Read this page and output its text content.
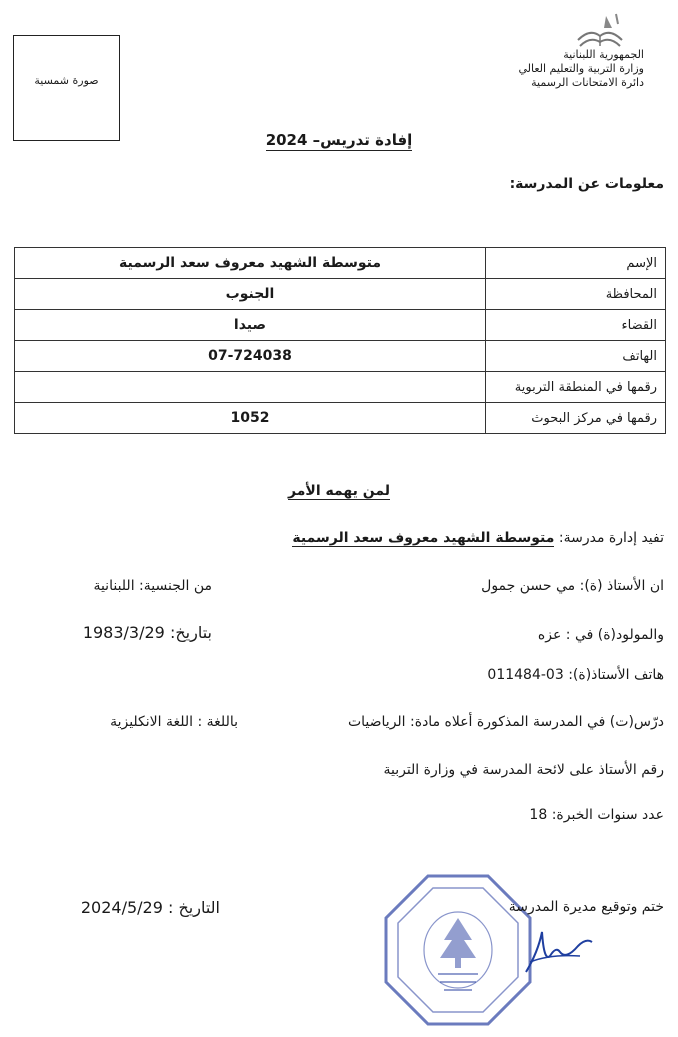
الجمهورية اللبنانية
وزارة التربية والتعليم العالي
دائرة الامتحانات الرسمية
صورة شمسية
إفادة تدريس– 2024
معلومات عن المدرسة:
الإسم	متوسطة الشهيد معروف سعد الرسمية
المحافظة	الجنوب
القضاء	صيدا
الهاتف	07-724038
رقمها في المنطقة التربوية	
رقمها في مركز البحوث	1052
لمن يهمه الأمر
تفيد إدارة مدرسة: متوسطة الشهيد معروف سعد الرسمية
ان الأستاذ (ة): مي حسن جمول
من الجنسية: اللبنانية
والمولود(ة) في : عزه
بتاريخ: 1983/3/29
هاتف الأستاذ(ة): 03-011484
درّس(ت) في المدرسة المذكورة أعلاه مادة: الرياضيات
باللغة : اللغة الانكليزية
رقم الأستاذ على لائحة المدرسة في وزارة التربية
عدد سنوات الخبرة: 18
ختم وتوقيع مديرة المدرسة
التاريخ : 2024/5/29
